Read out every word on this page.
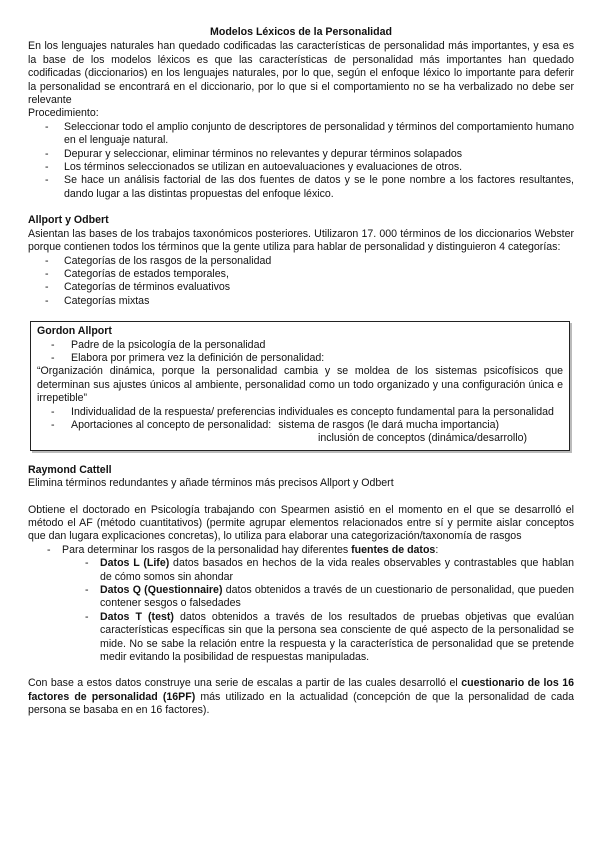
Modelos Léxicos de la Personalidad

En los lenguajes naturales han quedado codificadas las características de personalidad más importantes, y esa es la base de los modelos léxicos es que las características de personalidad más importantes han quedado codificadas (diccionarios) en los lenguajes naturales, por lo que, según el enfoque léxico lo importante para deferir la personalidad se encontrará en el diccionario, por lo que si el comportamiento no se ha verbalizado no debe ser relevante

Procedimiento:
- Seleccionar todo el amplio conjunto de descriptores de personalidad y términos del comportamiento humano en el lenguaje natural.
- Depurar y seleccionar, eliminar términos no relevantes y depurar términos solapados
- Los términos seleccionados se utilizan en autoevaluaciones y evaluaciones de otros.
- Se hace un análisis factorial de las dos fuentes de datos y se le pone nombre a los factores resultantes, dando lugar a las distintas propuestas del enfoque léxico.
Allport y Odbert

Asientan las bases de los trabajos taxonómicos posteriores. Utilizaron 17. 000 términos de los diccionarios Webster porque contienen todos los términos que la gente utiliza para hablar de personalidad y distinguieron 4 categorías:

- Categorías de los rasgos de la personalidad
- Categorías de estados temporales,
- Categorías de términos evaluativos
- Categorías mixtas
Gordon Allport
- Padre de la psicología de la personalidad
- Elabora por primera vez la definición de personalidad:

“Organización dinámica, porque la personalidad cambia y se moldea de los sistemas psicofísicos que determinan sus ajustes únicos al ambiente, personalidad como un todo organizado y una configuración única e irrepetible”

- Individualidad de la respuesta/ preferencias individuales es concepto fundamental para la personalidad
- Aportaciones al concepto de personalidad: sistema de rasgos (le dará mucha importancia)
inclusión de conceptos (dinámica/desarrollo)
Raymond Cattell

Elimina términos redundantes y añade términos más precisos Allport y Odbert

Obtiene el doctorado en Psicología trabajando con Spearmen asistió en el momento en el que se desarrolló el método el AF (método cuantitativos) (permite agrupar elementos relacionados entre sí y permite aislar conceptos que dan lugara explicaciones concretas), lo utiliza para elaborar una categorización/taxonomía de rasgos

- Para determinar los rasgos de la personalidad hay diferentes fuentes de datos:
- Datos L (Life) datos basados en hechos de la vida reales observables y contrastables que hablan de cómo somos sin ahondar
- Datos Q (Questionnaire) datos obtenidos a través de un cuestionario de personalidad, que pueden contener sesgos o falsedades
- Datos T (test) datos obtenidos a través de los resultados de pruebas objetivas que evalúan características específicas sin que la persona sea consciente de qué aspecto de la personalidad se mide. No se sabe la relación entre la respuesta y la característica de personalidad que se pretende medir evitando la posibilidad de respuestas manipuladas.

Con base a estos datos construye una serie de escalas a partir de las cuales desarrolló el cuestionario de los 16 factores de personalidad (16PF) más utilizado en la actualidad (concepción de que la personalidad de cada persona se basaba en en 16 factores).
